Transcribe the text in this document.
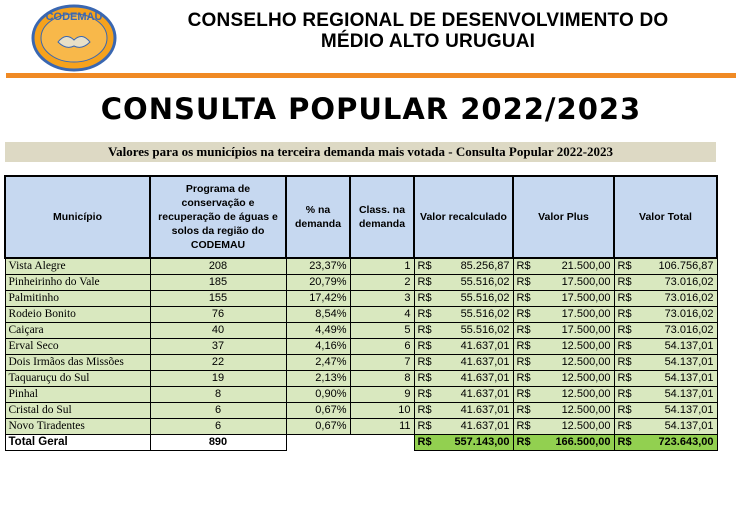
CODEMAU	CONSELHO REGIONAL DE DESENVOLVIMENTO DO
MÉDIO ALTO URUGUAI
CONSULTA POPULAR 2022/2023
Valores para os municípios na terceira demanda mais votada - Consulta Popular 2022-2023
Município	Programa de conservação e recuperação de águas e solos da região do CODEMAU	% na demanda	Class. na demanda	Valor recalculado	Valor Plus	Valor Total
Vista Alegre	208	23,37%	1	R$ 85.256,87	R$ 21.500,00	R$ 106.756,87

Pinheirinho do Vale	185	20,79%	2	R$ 55.516,02	R$ 17.500,00	R$ 73.016,02

Palmitinho	155	17,42%	3	R$ 55.516,02	R$ 17.500,00	R$ 73.016,02

Rodeio Bonito	76	8,54%	4	R$ 55.516,02	R$ 17.500,00	R$ 73.016,02

Caiçara	40	4,49%	5	R$ 55.516,02	R$ 17.500,00	R$ 73.016,02

Erval Seco	37	4,16%	6	R$ 41.637,01	R$ 12.500,00	R$ 54.137,01

Dois Irmãos das Missões	22	2,47%	7	R$ 41.637,01	R$ 12.500,00	R$ 54.137,01

Taquaruçu do Sul	19	2,13%	8	R$ 41.637,01	R$ 12.500,00	R$ 54.137,01

Pinhal	8	0,90%	9	R$ 41.637,01	R$ 12.500,00	R$ 54.137,01

Cristal do Sul	6	0,67%	10	R$ 41.637,01	R$ 12.500,00	R$ 54.137,01

Novo Tiradentes	6	0,67%	11	R$ 41.637,01	R$ 12.500,00	R$ 54.137,01

Total Geral	890			R$ 557.143,00	R$ 166.500,00	R$ 723.643,00
